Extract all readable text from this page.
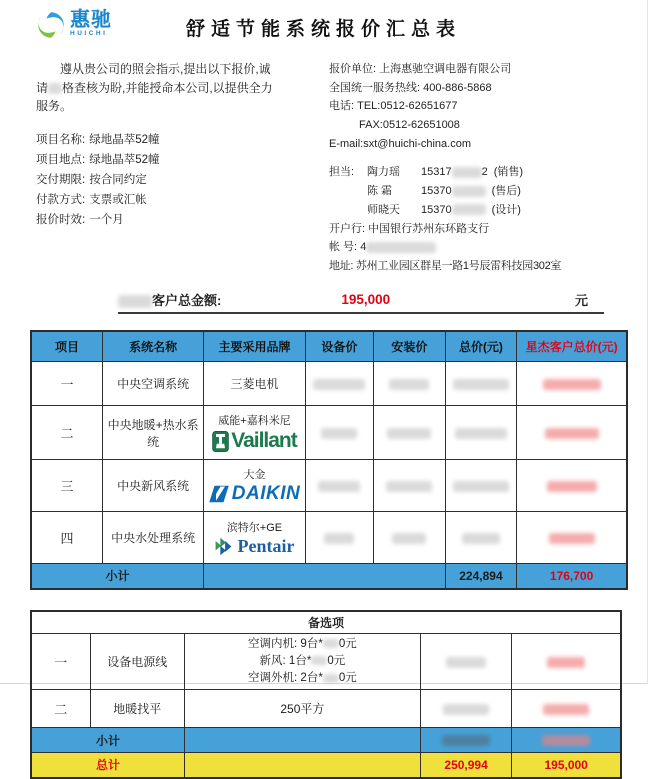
惠驰
HUICHI	舒适节能系统报价汇总表
遵从贵公司的照会指示,提出以下报价,诚
请 格查核为盼,并能授命本公司,以提供全力
服务。
项目名称: 绿地晶萃52幢
项目地点: 绿地晶萃52幢
交付期限: 按合同约定
付款方式: 支票或汇帐
报价时效: 一个月
报价单位: 上海惠驰空调电器有限公司
全国统一服务热线: 400-886-5868
电话: TEL:0512-62651677
FAX:0512-62651008
E-mail:sxt@huichi-china.com
担当:	陶力瑶	15317	2 (销售)
陈 霜	15370	(售后)
师晓天	15370	(设计)
开户行: 中国银行苏州东环路支行
帐 号: 4
地址: 苏州工业园区群星一路1号辰雷科技园302室
客户总金额:	195,000	元
项目	系统名称	主要采用品牌	设备价	安装价	总价(元)	星杰客户总价(元)
一	中央空调系统	三菱电机				
二	中央地暖+热水系统	威能+嘉科米尼
Vaillant				

三	中央新风系统	大金
DAIKIN				

四	中央水处理系统	滨特尔+GE
Pentair				

小计					224,894	176,700
备选项				
一	设备电源线	空调内机: 9台* 0元
新风: 1台* 0元
空调外机: 2台* 0元		

二	地暖找平	250平方		
小计				
总计			250,994	195,000
